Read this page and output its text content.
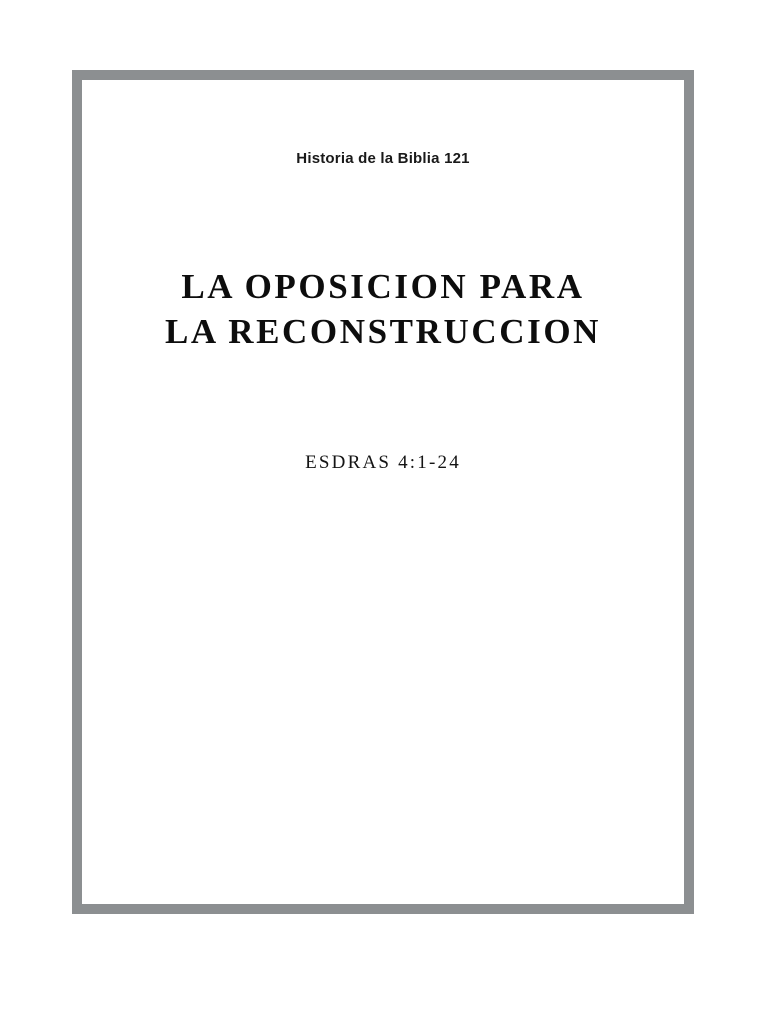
Historia de la Biblia 121
LA OPOSICION PARA
LA RECONSTRUCCION
ESDRAS 4:1-24
